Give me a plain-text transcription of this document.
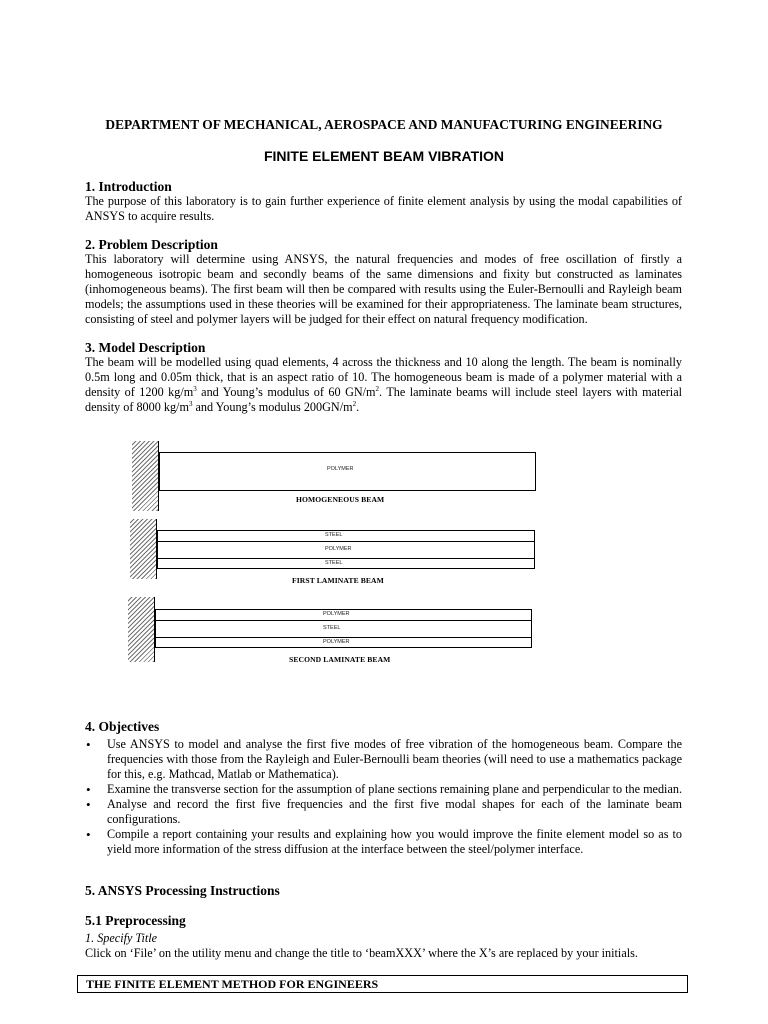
DEPARTMENT OF MECHANICAL, AEROSPACE AND MANUFACTURING ENGINEERING
FINITE ELEMENT BEAM VIBRATION
1. Introduction
The purpose of this laboratory is to gain further experience of finite element analysis by using the modal capabilities of ANSYS to acquire results.
2. Problem Description
This laboratory will determine using ANSYS, the natural frequencies and modes of free oscillation of firstly a homogeneous isotropic beam and secondly beams of the same dimensions and fixity but constructed as laminates (inhomogeneous beams). The first beam will then be compared with results using the Euler-Bernoulli and Rayleigh beam models; the assumptions used in these theories will be examined for their appropriateness. The laminate beam structures, consisting of steel and polymer layers will be judged for their effect on natural frequency modification.
3. Model Description
The beam will be modelled using quad elements, 4 across the thickness and 10 along the length. The beam is nominally 0.5m long and 0.05m thick, that is an aspect ratio of 10. The homogeneous beam is made of a polymer material with a density of 1200 $kg/m^3$ and Young’s modulus of 60 $GN/m^2$. The laminate beams will include steel layers with material density of 8000 $kg/m^3$ and Young’s modulus $200GN/m^2$.
POLYMER
HOMOGENEOUS BEAM
STEEL
POLYMER
STEEL
FIRST LAMINATE BEAM
POLYMER
STEEL
POLYMER
SECOND LAMINATE BEAM
4. Objectives
• Use ANSYS to model and analyse the first five modes of free vibration of the homogeneous beam. Compare the frequencies with those from the Rayleigh and Euler-Bernoulli beam theories (will need to use a mathematics package for this, e.g. Mathcad, Matlab or Mathematica).
• Examine the transverse section for the assumption of plane sections remaining plane and perpendicular to the median.
• Analyse and record the first five frequencies and the first five modal shapes for each of the laminate beam configurations.
• Compile a report containing your results and explaining how you would improve the finite element model so as to yield more information of the stress diffusion at the interface between the steel/polymer interface.
5. ANSYS Processing Instructions
5.1 Preprocessing
1. Specify Title
Click on ‘File’ on the utility menu and change the title to ‘beamXXX’ where the X’s are replaced by your initials.
THE FINITE ELEMENT METHOD FOR ENGINEERS
